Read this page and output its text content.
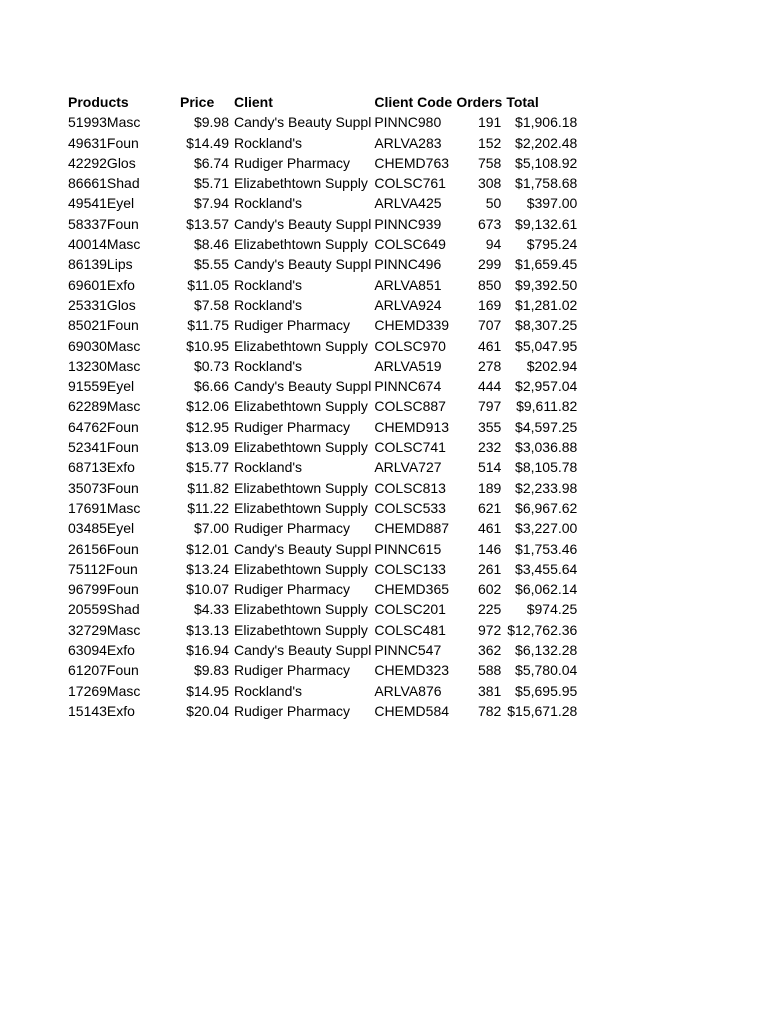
Products	Price	Client	Client Code	Orders	Total
51993Masc	$9.98	Candy's Beauty Suppl	PINNC980	191	$1,906.18
49631Foun	$14.49	Rockland's	ARLVA283	152	$2,202.48
42292Glos	$6.74	Rudiger Pharmacy	CHEMD763	758	$5,108.92
86661Shad	$5.71	Elizabethtown Supply	COLSC761	308	$1,758.68
49541Eyel	$7.94	Rockland's	ARLVA425	50	$397.00
58337Foun	$13.57	Candy's Beauty Suppl	PINNC939	673	$9,132.61
40014Masc	$8.46	Elizabethtown Supply	COLSC649	94	$795.24
86139Lips	$5.55	Candy's Beauty Suppl	PINNC496	299	$1,659.45
69601Exfo	$11.05	Rockland's	ARLVA851	850	$9,392.50
25331Glos	$7.58	Rockland's	ARLVA924	169	$1,281.02
85021Foun	$11.75	Rudiger Pharmacy	CHEMD339	707	$8,307.25
69030Masc	$10.95	Elizabethtown Supply	COLSC970	461	$5,047.95
13230Masc	$0.73	Rockland's	ARLVA519	278	$202.94
91559Eyel	$6.66	Candy's Beauty Suppl	PINNC674	444	$2,957.04
62289Masc	$12.06	Elizabethtown Supply	COLSC887	797	$9,611.82
64762Foun	$12.95	Rudiger Pharmacy	CHEMD913	355	$4,597.25
52341Foun	$13.09	Elizabethtown Supply	COLSC741	232	$3,036.88
68713Exfo	$15.77	Rockland's	ARLVA727	514	$8,105.78
35073Foun	$11.82	Elizabethtown Supply	COLSC813	189	$2,233.98
17691Masc	$11.22	Elizabethtown Supply	COLSC533	621	$6,967.62
03485Eyel	$7.00	Rudiger Pharmacy	CHEMD887	461	$3,227.00
26156Foun	$12.01	Candy's Beauty Suppl	PINNC615	146	$1,753.46
75112Foun	$13.24	Elizabethtown Supply	COLSC133	261	$3,455.64
96799Foun	$10.07	Rudiger Pharmacy	CHEMD365	602	$6,062.14
20559Shad	$4.33	Elizabethtown Supply	COLSC201	225	$974.25
32729Masc	$13.13	Elizabethtown Supply	COLSC481	972	$12,762.36
63094Exfo	$16.94	Candy's Beauty Suppl	PINNC547	362	$6,132.28
61207Foun	$9.83	Rudiger Pharmacy	CHEMD323	588	$5,780.04
17269Masc	$14.95	Rockland's	ARLVA876	381	$5,695.95
15143Exfo	$20.04	Rudiger Pharmacy	CHEMD584	782	$15,671.28
